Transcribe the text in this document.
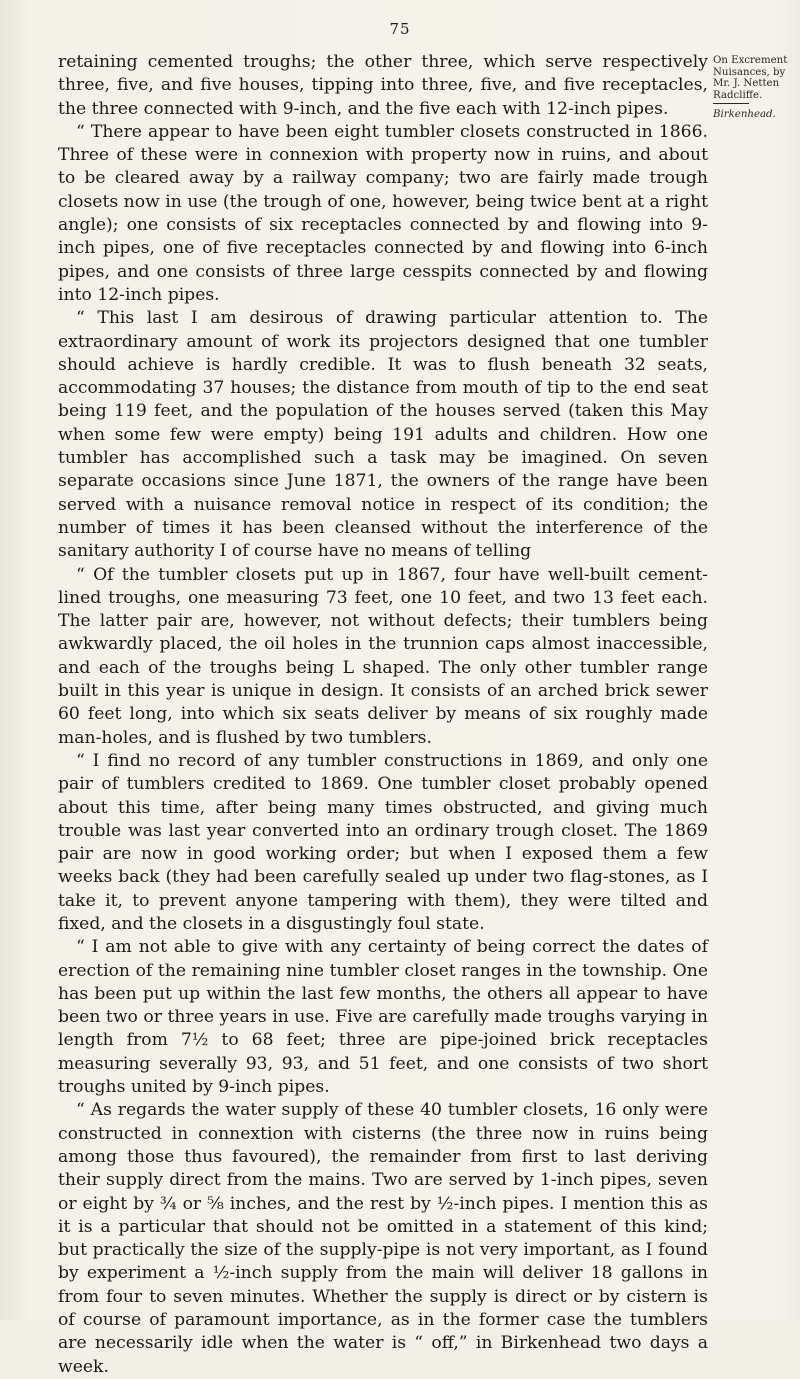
75
On Excrement Nuisances, by Mr. J. Netten Radcliffe.
Birkenhead.

retaining cemented troughs; the other three, which serve respectively three, five, and five houses, tipping into three, five, and five receptacles, the three connected with 9-inch, and the five each with 12-inch pipes.

“ There appear to have been eight tumbler closets constructed in 1866. Three of these were in connexion with property now in ruins, and about to be cleared away by a railway company; two are fairly made trough closets now in use (the trough of one, however, being twice bent at a right angle); one consists of six receptacles connected by and flowing into 9-inch pipes, one of five receptacles connected by and flowing into 6-inch pipes, and one consists of three large cesspits connected by and flowing into 12-inch pipes.

“ This last I am desirous of drawing particular attention to. The extraordinary amount of work its projectors designed that one tumbler should achieve is hardly credible. It was to flush beneath 32 seats, accommodating 37 houses; the distance from mouth of tip to the end seat being 119 feet, and the population of the houses served (taken this May when some few were empty) being 191 adults and children. How one tumbler has accomplished such a task may be imagined. On seven separate occasions since June 1871, the owners of the range have been served with a nuisance removal notice in respect of its condition; the number of times it has been cleansed without the interference of the sanitary authority I of course have no means of telling

“ Of the tumbler closets put up in 1867, four have well-built cement-lined troughs, one measuring 73 feet, one 10 feet, and two 13 feet each. The latter pair are, however, not without defects; their tumblers being awkwardly placed, the oil holes in the trunnion caps almost inaccessible, and each of the troughs being L shaped. The only other tumbler range built in this year is unique in design. It consists of an arched brick sewer 60 feet long, into which six seats deliver by means of six roughly made man-holes, and is flushed by two tumblers.

“ I find no record of any tumbler constructions in 1869, and only one pair of tumblers credited to 1869. One tumbler closet probably opened about this time, after being many times obstructed, and giving much trouble was last year converted into an ordinary trough closet. The 1869 pair are now in good working order; but when I exposed them a few weeks back (they had been carefully sealed up under two flag-stones, as I take it, to prevent anyone tampering with them), they were tilted and fixed, and the closets in a disgustingly foul state.

“ I am not able to give with any certainty of being correct the dates of erection of the remaining nine tumbler closet ranges in the township. One has been put up within the last few months, the others all appear to have been two or three years in use. Five are carefully made troughs varying in length from 7½ to 68 feet; three are pipe-joined brick receptacles measuring severally 93, 93, and 51 feet, and one consists of two short troughs united by 9-inch pipes.

“ As regards the water supply of these 40 tumbler closets, 16 only were constructed in connextion with cisterns (the three now in ruins being among those thus favoured), the remainder from first to last deriving their supply direct from the mains. Two are served by 1-inch pipes, seven or eight by ¾ or ⅝ inches, and the rest by ½-inch pipes. I mention this as it is a particular that should not be omitted in a statement of this kind; but practically the size of the supply-pipe is not very important, as I found by experiment a ½-inch supply from the main will deliver 18 gallons in from four to seven minutes. Whether the supply is direct or by cistern is of course of paramount importance, as in the former case the tumblers are necessarily idle when the water is “ off,” in Birkenhead two days a week.
